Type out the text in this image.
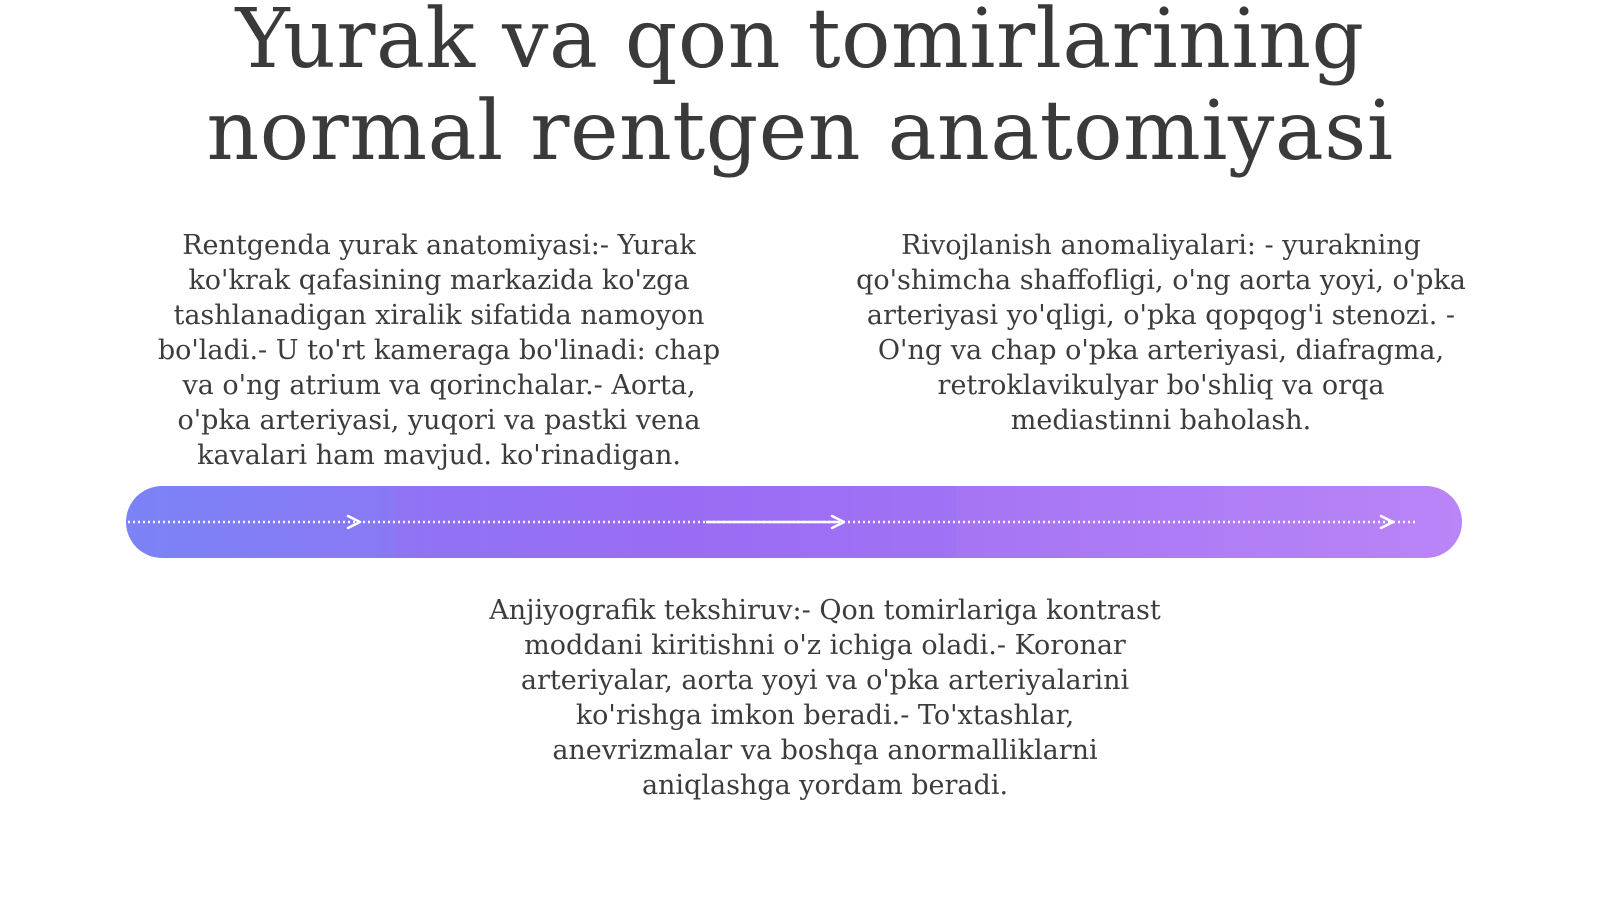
Yurak va qon tomirlarining
normal rentgen anatomiyasi
Rentgenda yurak anatomiyasi:- Yurak
ko'krak qafasining markazida ko'zga
tashlanadigan xiralik sifatida namoyon
bo'ladi.- U to'rt kameraga bo'linadi: chap
va o'ng atrium va qorinchalar.- Aorta,
o'pka arteriyasi, yuqori va pastki vena
kavalari ham mavjud. ko'rinadigan.
Rivojlanish anomaliyalari: - yurakning
qo'shimcha shaffofligi, o'ng aorta yoyi, o'pka
arteriyasi yo'qligi, o'pka qopqog'i stenozi. -
O'ng va chap o'pka arteriyasi, diafragma,
retroklavikulyar bo'shliq va orqa
mediastinni baholash.
Anjiyografik tekshiruv:- Qon tomirlariga kontrast
moddani kiritishni o'z ichiga oladi.- Koronar
arteriyalar, aorta yoyi va o'pka arteriyalarini
ko'rishga imkon beradi.- To'xtashlar,
anevrizmalar va boshqa anormalliklarni
aniqlashga yordam beradi.
